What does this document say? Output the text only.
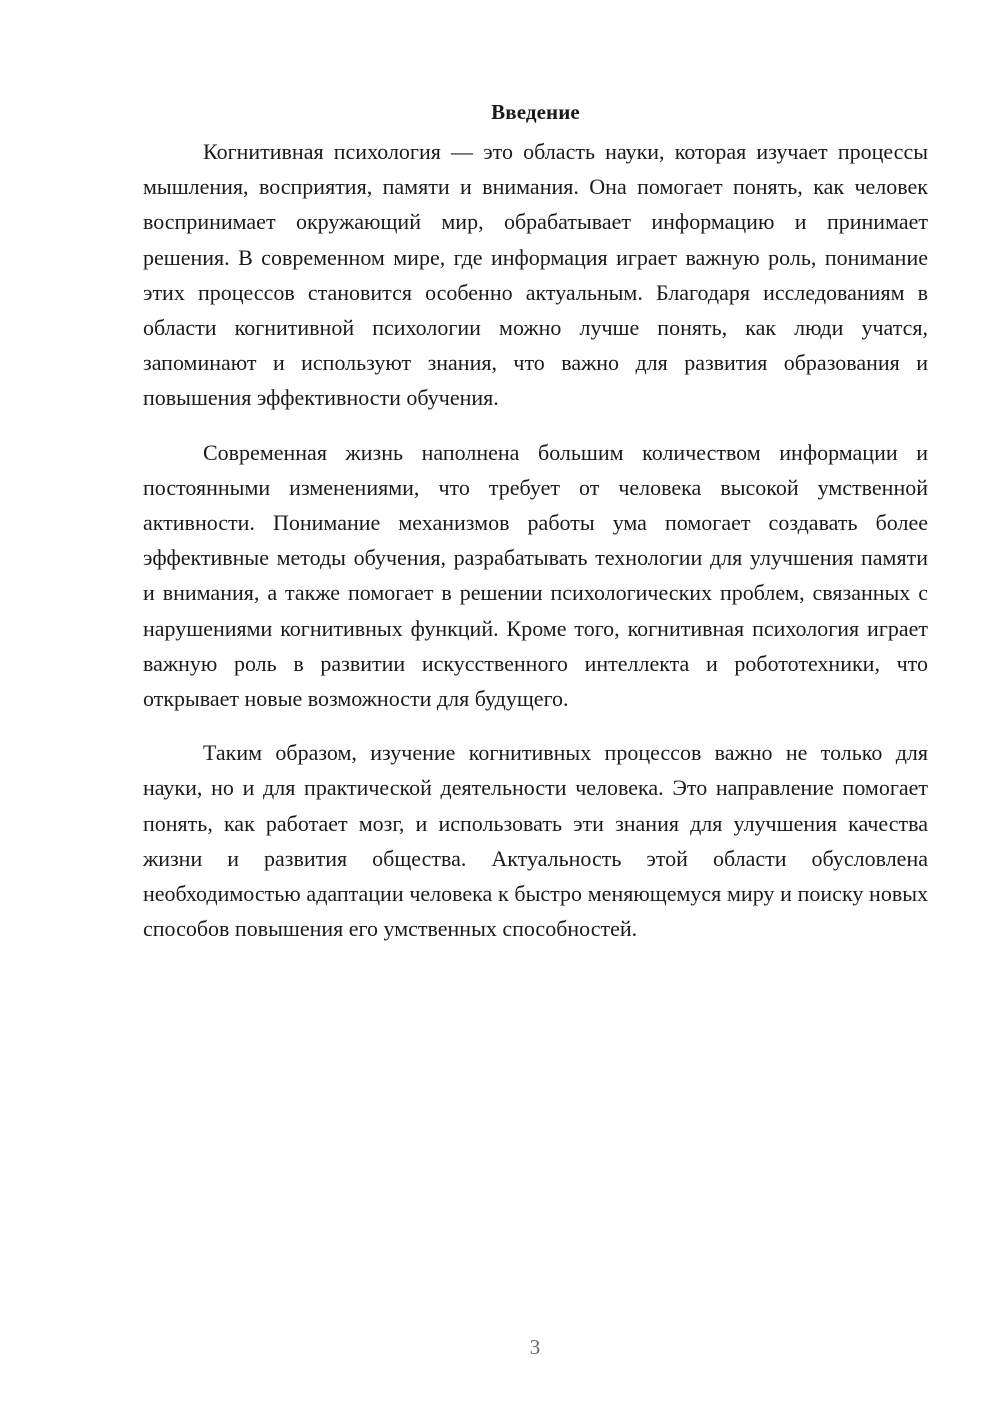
Введение

Когнитивная психология — это область науки, которая изучает процессы мышления, восприятия, памяти и внимания. Она помогает понять, как человек воспринимает окружающий мир, обрабатывает информацию и принимает решения. В современном мире, где информация играет важную роль, понимание этих процессов становится особенно актуальным. Благодаря исследованиям в области когнитивной психологии можно лучше понять, как люди учатся, запоминают и используют знания, что важно для развития образования и повышения эффективности обучения.

Современная жизнь наполнена большим количеством информации и постоянными изменениями, что требует от человека высокой умственной активности. Понимание механизмов работы ума помогает создавать более эффективные методы обучения, разрабатывать технологии для улучшения памяти и внимания, а также помогает в решении психологических проблем, связанных с нарушениями когнитивных функций. Кроме того, когнитивная психология играет важную роль в развитии искусственного интеллекта и робототехники, что открывает новые возможности для будущего.

Таким образом, изучение когнитивных процессов важно не только для науки, но и для практической деятельности человека. Это направление помогает понять, как работает мозг, и использовать эти знания для улучшения качества жизни и развития общества. Актуальность этой области обусловлена необходимостью адаптации человека к быстро меняющемуся миру и поиску новых способов повышения его умственных способностей.

3
